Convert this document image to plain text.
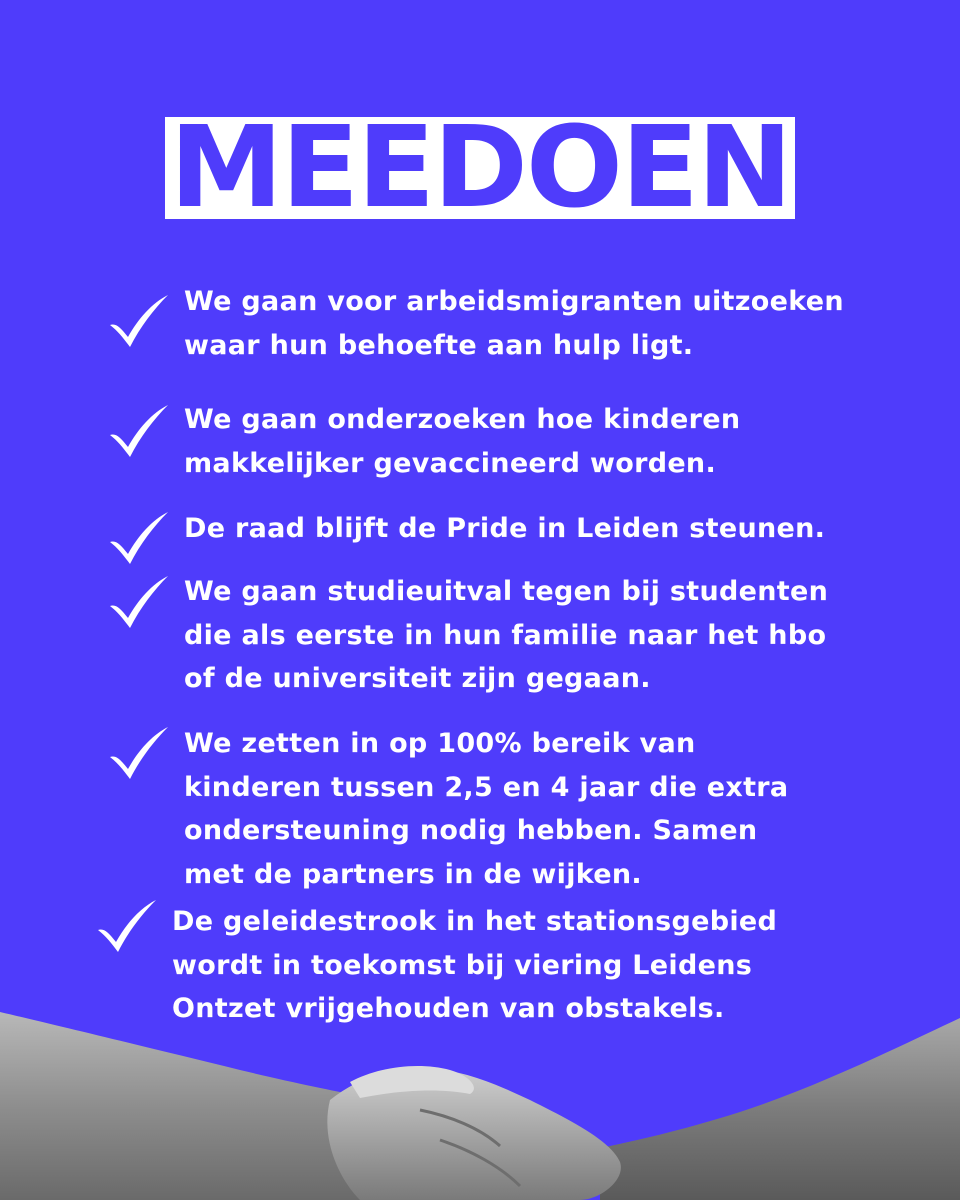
MEEDOEN
We gaan voor arbeidsmigranten uitzoeken
waar hun behoefte aan hulp ligt.
We gaan onderzoeken hoe kinderen
makkelijker gevaccineerd worden.
De raad blijft de Pride in Leiden steunen.
We gaan studieuitval tegen bij studenten
die als eerste in hun familie naar het hbo
of de universiteit zijn gegaan.
We zetten in op 100% bereik van
kinderen tussen 2,5 en 4 jaar die extra
ondersteuning nodig hebben. Samen
met de partners in de wijken.
De geleidestrook in het stationsgebied
wordt in toekomst bij viering Leidens
Ontzet vrijgehouden van obstakels.
